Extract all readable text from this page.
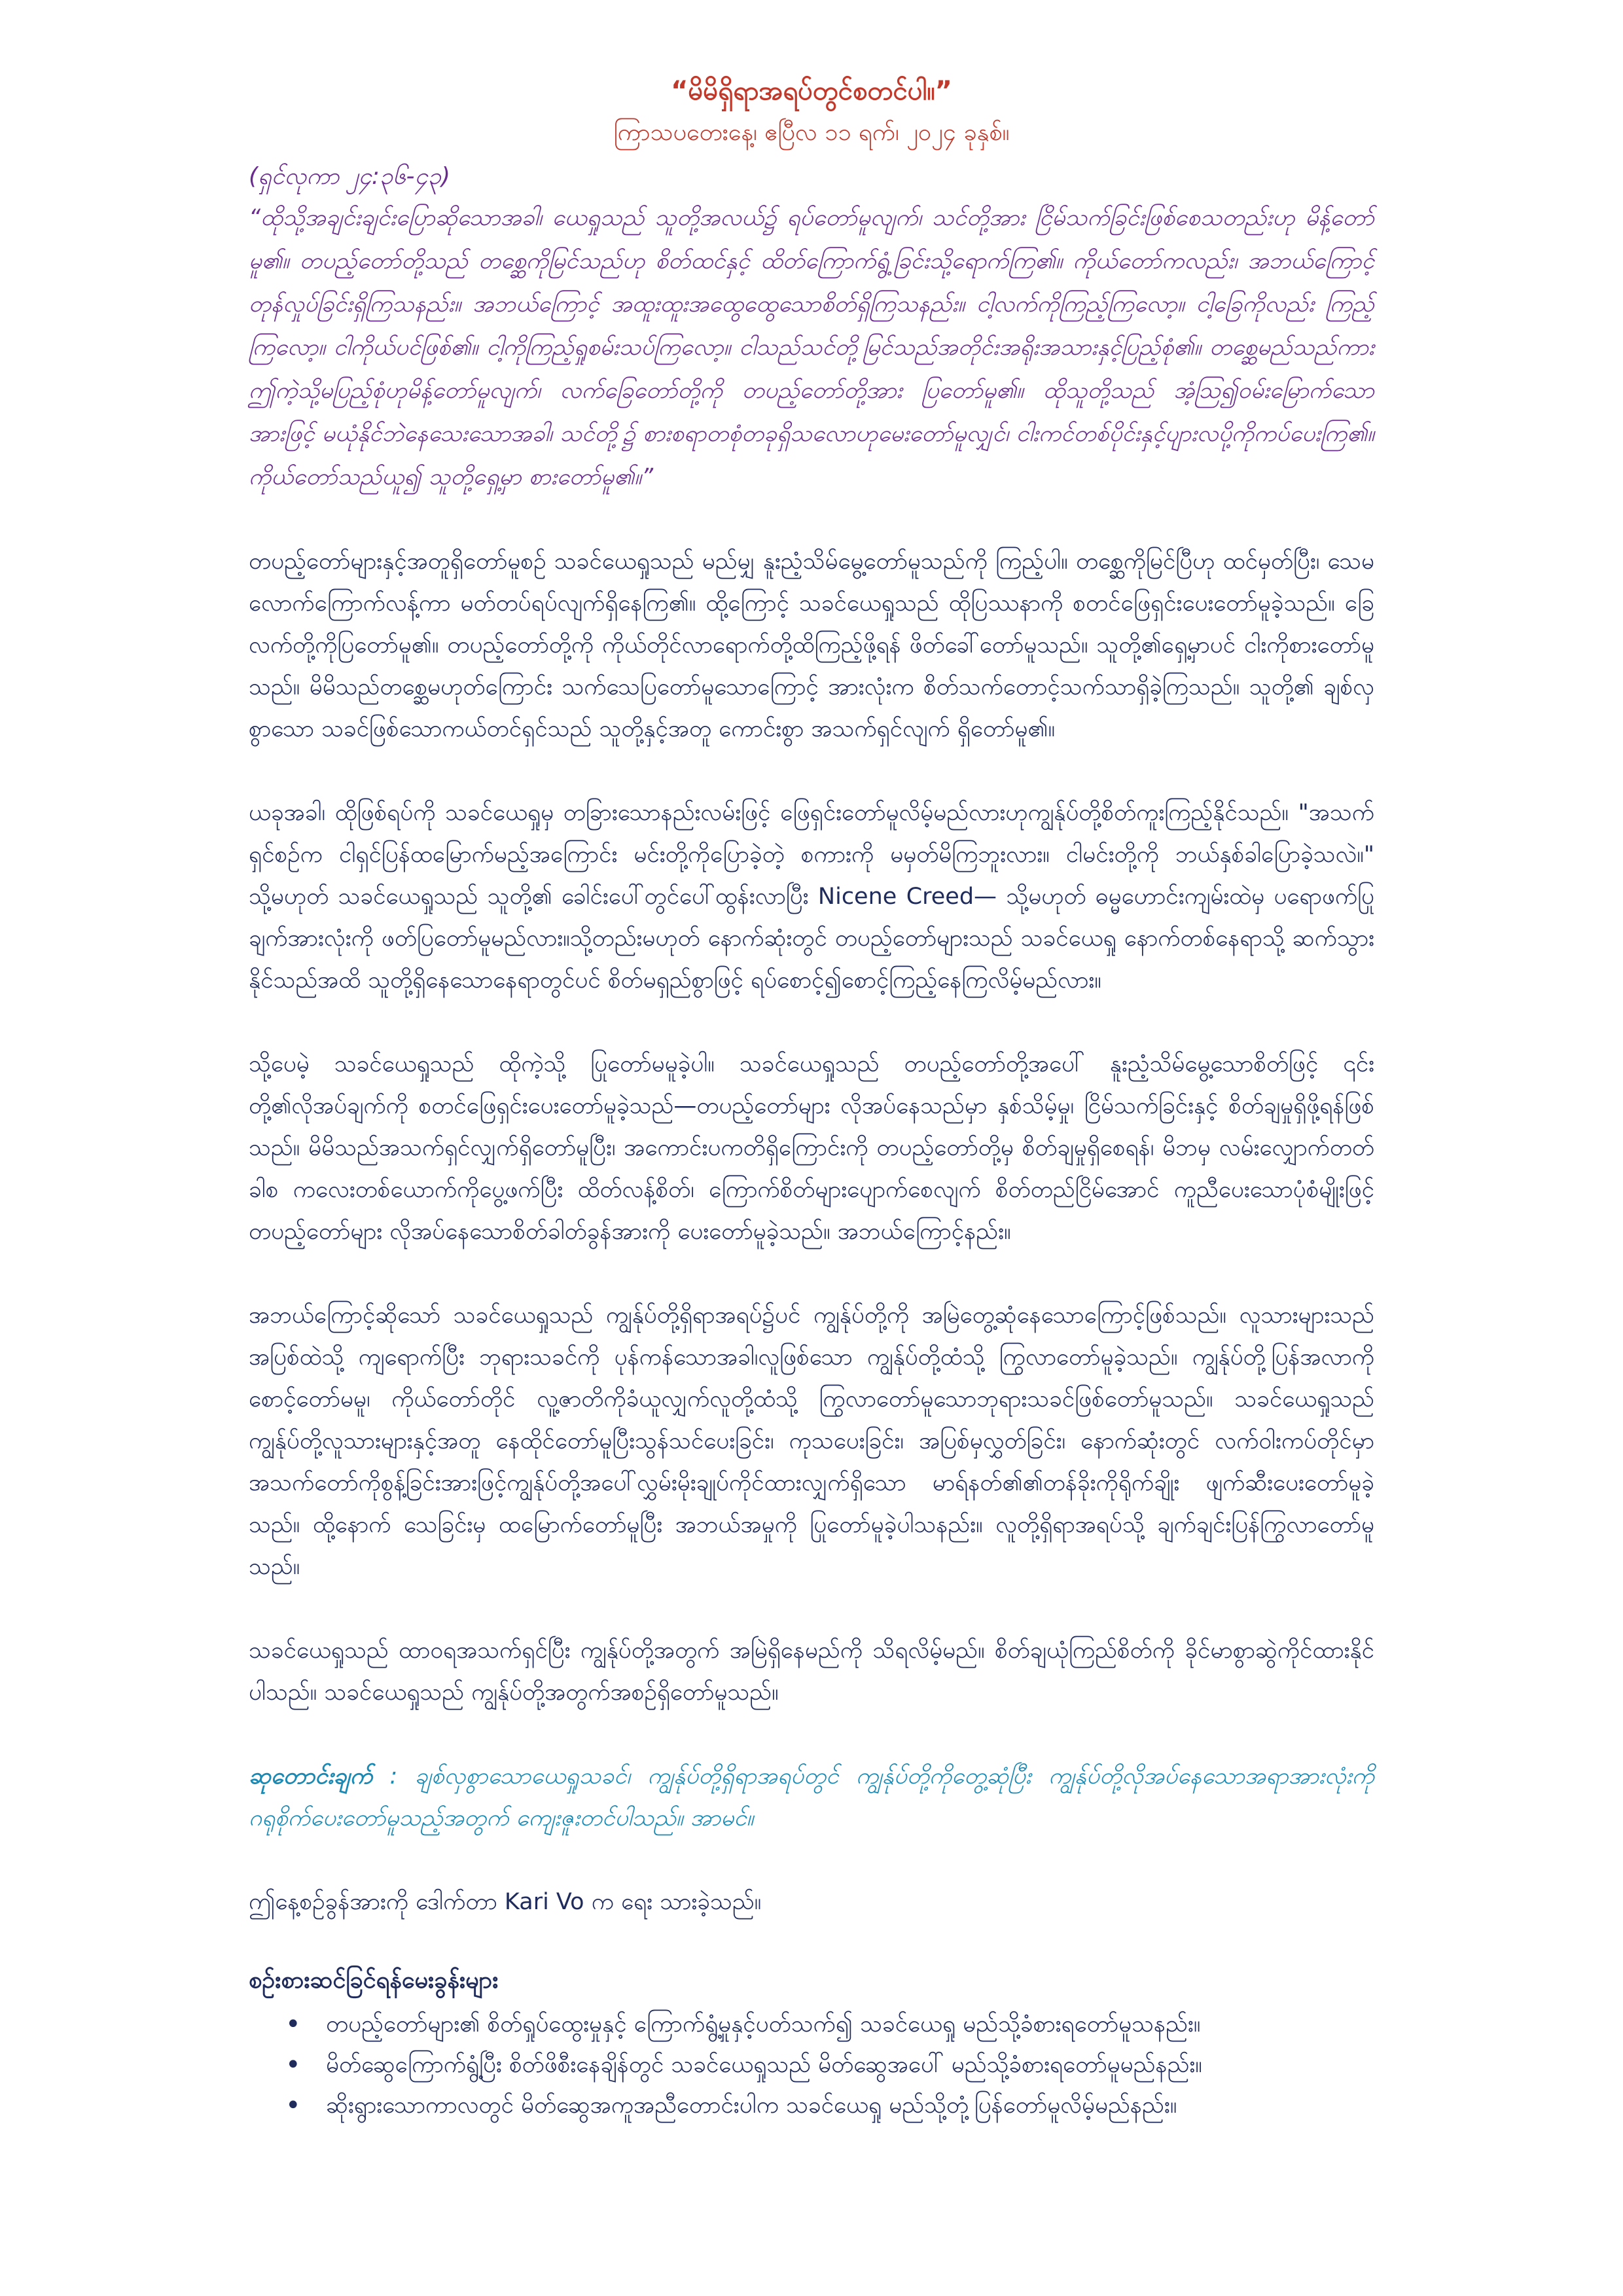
“မိမိရှိရာအရပ်တွင်စတင်ပါ။”

ကြာသပတေးနေ့၊ ဧပြီလ ၁၁ ရက်၊ ၂၀၂၄ ခုနှစ်။

(ရှင်လုကာ ၂၄:၃၆-၄၃)

“ထိုသို့အချင်းချင်းပြောဆိုသောအခါ၊ ယေရှုသည် သူတို့အလယ်၌ ရပ်တော်မူလျက်၊ သင်တို့အား ငြိမ်သက်ခြင်းဖြစ်စေသတည်းဟု မိန့်တော်မူ၏။ တပည့်တော်တို့သည် တစ္ဆေကိုမြင်သည်ဟု စိတ်ထင်နှင့် ထိတ်ကြောက်ရွံ့ခြင်းသို့ရောက်ကြ၏။ ကိုယ်တော်ကလည်း၊ အဘယ်ကြောင့် တုန်လှုပ်ခြင်းရှိကြသနည်း။ အဘယ်ကြောင့် အထူးထူးအထွေထွေသောစိတ်ရှိကြသနည်း။ ငါ့လက်ကိုကြည့်ကြလော့။ ငါ့ခြေကိုလည်း ကြည့်ကြလော့။ ငါကိုယ်ပင်ဖြစ်၏။ ငါ့ကိုကြည့်ရှုစမ်းသပ်ကြလော့။ ငါသည်သင်တို့မြင်သည်အတိုင်းအရိုးအသားနှင့်ပြည့်စုံ၏။ တစ္ဆေမည်သည်ကား ဤကဲ့သို့မပြည့်စုံဟုမိန့်တော်မူလျက်၊ လက်ခြေတော်တို့ကို တပည့်တော်တို့အား ပြတော်မူ၏။ ထိုသူတို့သည် အံ့ဩ၍ဝမ်းမြောက်သောအားဖြင့် မယုံနိုင်ဘဲနေသေးသောအခါ၊ သင်တို့၌ စားစရာတစုံတခုရှိသလောဟုမေးတော်မူလျှင်၊ ငါးကင်တစ်ပိုင်းနှင့်ပျားလပို့ကိုကပ်ပေးကြ၏။ ကိုယ်တော်သည်ယူ၍ သူတို့ရှေ့မှာ စားတော်မူ၏။”

တပည့်တော်များနှင့်အတူရှိတော်မူစဉ် သခင်ယေရှုသည် မည်မျှ နူးညံ့သိမ်မွေ့တော်မူသည်ကို ကြည့်ပါ။ တစ္ဆေကိုမြင်ပြီဟု ထင်မှတ်ပြီး၊ သေမလောက်ကြောက်လန့်ကာ မတ်တပ်ရပ်လျက်ရှိနေကြ၏။ ထို့ကြောင့် သခင်ယေရှုသည် ထိုပြဿနာကို စတင်ဖြေရှင်းပေးတော်မူခဲ့သည်။ ခြေလက်တို့ကိုပြတော်မူ၏။ တပည့်တော်တို့ကို ကိုယ်တိုင်လာရောက်တို့ထိကြည့်ဖို့ရန် ဖိတ်ခေါ်တော်မူသည်။ သူတို့၏ရှေ့မှာပင် ငါးကိုစားတော်မူသည်။ မိမိသည်တစ္ဆေမဟုတ်ကြောင်း သက်သေပြတော်မူသောကြောင့် အားလုံးက စိတ်သက်တောင့်သက်သာရှိခဲ့ကြသည်။ သူတို့၏ ချစ်လှစွာသော သခင်ဖြစ်သောကယ်တင်ရှင်သည် သူတို့နှင့်အတူ ကောင်းစွာ အသက်ရှင်လျက် ရှိတော်မူ၏။

ယခုအခါ၊ ထိုဖြစ်ရပ်ကို သခင်ယေရှုမှ တခြားသောနည်းလမ်းဖြင့် ဖြေရှင်းတော်မူလိမ့်မည်လားဟုကျွန်ုပ်တို့စိတ်ကူးကြည့်နိုင်သည်။ "အသက်ရှင်စဉ်က ငါရှင်ပြန်ထမြောက်မည့်အကြောင်း မင်းတို့ကိုပြောခဲ့တဲ့ စကားကို မမှတ်မိကြဘူးလား။ ငါမင်းတို့ကို ဘယ်နှစ်ခါပြောခဲ့သလဲ။" သို့မဟုတ် သခင်ယေရှုသည် သူတို့၏ ခေါင်းပေါ်တွင်ပေါ်ထွန်းလာပြီး Nicene Creed— သို့မဟုတ် ဓမ္မဟောင်းကျမ်းထဲမှ ပရောဖက်ပြုချက်အားလုံးကို ဖတ်ပြတော်မူမည်လား။သို့တည်းမဟုတ် နောက်ဆုံးတွင် တပည့်တော်များသည် သခင်ယေရှု နောက်တစ်နေရာသို့ ဆက်သွားနိုင်သည်အထိ သူတို့ရှိနေသောနေရာတွင်ပင် စိတ်မရှည်စွာဖြင့် ရပ်စောင့်၍စောင့်ကြည့်နေကြလိမ့်မည်လား။

သို့ပေမဲ့ သခင်ယေရှုသည် ထိုကဲ့သို့ ပြုတော်မမူခဲ့ပါ။ သခင်ယေရှုသည် တပည့်တော်တို့အပေါ် နူးညံ့သိမ်မွေ့သောစိတ်ဖြင့် ၎င်းတို့၏လိုအပ်ချက်ကို စတင်ဖြေရှင်းပေးတော်မူခဲ့သည်—တပည့်တော်များ လိုအပ်နေသည်မှာ နှစ်သိမ့်မှု၊ ငြိမ်သက်ခြင်းနှင့် စိတ်ချမှုရှိဖို့ရန်ဖြစ်သည်။ မိမိသည်အသက်ရှင်လျှက်ရှိတော်မူပြီး၊ အကောင်းပကတိရှိကြောင်းကို တပည့်တော်တို့မှ စိတ်ချမှုရှိစေရန်၊ မိဘမှ လမ်းလျှောက်တတ်ခါစ ကလေးတစ်ယောက်ကိုပွေ့ဖက်ပြီး ထိတ်လန့်စိတ်၊ ကြောက်စိတ်များပျောက်စေလျက် စိတ်တည်ငြိမ်အောင် ကူညီပေးသောပုံစံမျိုးဖြင့် တပည့်တော်များ လိုအပ်နေသောစိတ်ခါတ်ခွန်အားကို ပေးတော်မူခဲ့သည်။ အဘယ်ကြောင့်နည်း။

အဘယ်ကြောင့်ဆိုသော် သခင်ယေရှုသည် ကျွန်ုပ်တို့ရှိရာအရပ်၌ပင် ကျွန်ုပ်တို့ကို အမြဲတွေ့ဆုံနေသောကြောင့်ဖြစ်သည်။ လူသားများသည်အပြစ်ထဲသို့ ကျရောက်ပြီး ဘုရားသခင်ကို ပုန်ကန်သောအခါ၊လူဖြစ်သော ကျွန်ုပ်တို့ထံသို့ ကြွလာတော်မူခဲ့သည်။ ကျွန်ုပ်တို့ပြန်အလာကို စောင့်တော်မမူ၊ ကိုယ်တော်တိုင် လူ့ဇာတိကိုခံယူလျှက်လူတို့ထံသို့ ကြွလာတော်မူသောဘုရားသခင်ဖြစ်တော်မူသည်။ သခင်ယေရှုသည် ကျွန်ုပ်တို့လူသားများနှင့်အတူ နေထိုင်တော်မူပြီးသွန်သင်ပေးခြင်း၊ ကုသပေးခြင်း၊ အပြစ်မှလွှတ်ခြင်း၊ နောက်ဆုံးတွင် လက်ဝါးကပ်တိုင်မှာ အသက်တော်ကိုစွန့်ခြင်းအားဖြင့်ကျွန်ုပ်တို့အပေါ်လွှမ်းမိုးချုပ်ကိုင်ထားလျှက်ရှိသော မာရ်နတ်၏၏တန်ခိုးကိုရိုက်ချိုး ဖျက်ဆီးပေးတော်မူခဲ့သည်။ ထို့နောက် သေခြင်းမှ ထမြောက်တော်မူပြီး အဘယ်အမှုကို ပြုတော်မူခဲ့ပါသနည်း။ လူတို့ရှိရာအရပ်သို့ ချက်ချင်းပြန်ကြွလာတော်မူသည်။

သခင်ယေရှုသည် ထာဝရအသက်ရှင်ပြီး ကျွန်ုပ်တို့အတွက် အမြဲရှိနေမည်ကို သိရလိမ့်မည်။ စိတ်ချယုံကြည်စိတ်ကို ခိုင်မာစွာဆွဲကိုင်ထားနိုင်ပါသည်။ သခင်ယေရှုသည် ကျွန်ုပ်တို့အတွက်အစဉ်ရှိတော်မူသည်။

ဆုတောင်းချက် : ချစ်လှစွာသောယေရှုသခင်၊ ကျွန်ုပ်တို့ရှိရာအရပ်တွင် ကျွန်ုပ်တို့ကိုတွေ့ဆုံပြီး ကျွန်ုပ်တို့လိုအပ်နေသောအရာအားလုံးကို ဂရုစိုက်ပေးတော်မူသည့်အတွက် ကျေးဇူးတင်ပါသည်။ အာမင်။

ဤနေ့စဉ်ခွန်အားကို ဒေါက်တာ Kari Vo က ရေး သားခဲ့သည်။

စဉ်းစားဆင်ခြင်ရန်မေးခွန်းများ

• တပည့်တော်များ၏ စိတ်ရှုပ်ထွေးမှုနှင့် ကြောက်ရွံ့မှုနှင့်ပတ်သက်၍ သခင်ယေရှု မည်သို့ခံစားရတော်မူသနည်း။
• မိတ်ဆွေကြောက်ရွံ့ပြီး စိတ်ဖိစီးနေချိန်တွင် သခင်ယေရှုသည် မိတ်ဆွေအပေါ် မည်သို့ခံစားရတော်မူမည်နည်း။
• ဆိုးရွားသောကာလတွင် မိတ်ဆွေအကူအညီတောင်းပါက သခင်ယေရှု မည်သို့တုံ့ပြန်တော်မူလိမ့်မည်နည်း။
